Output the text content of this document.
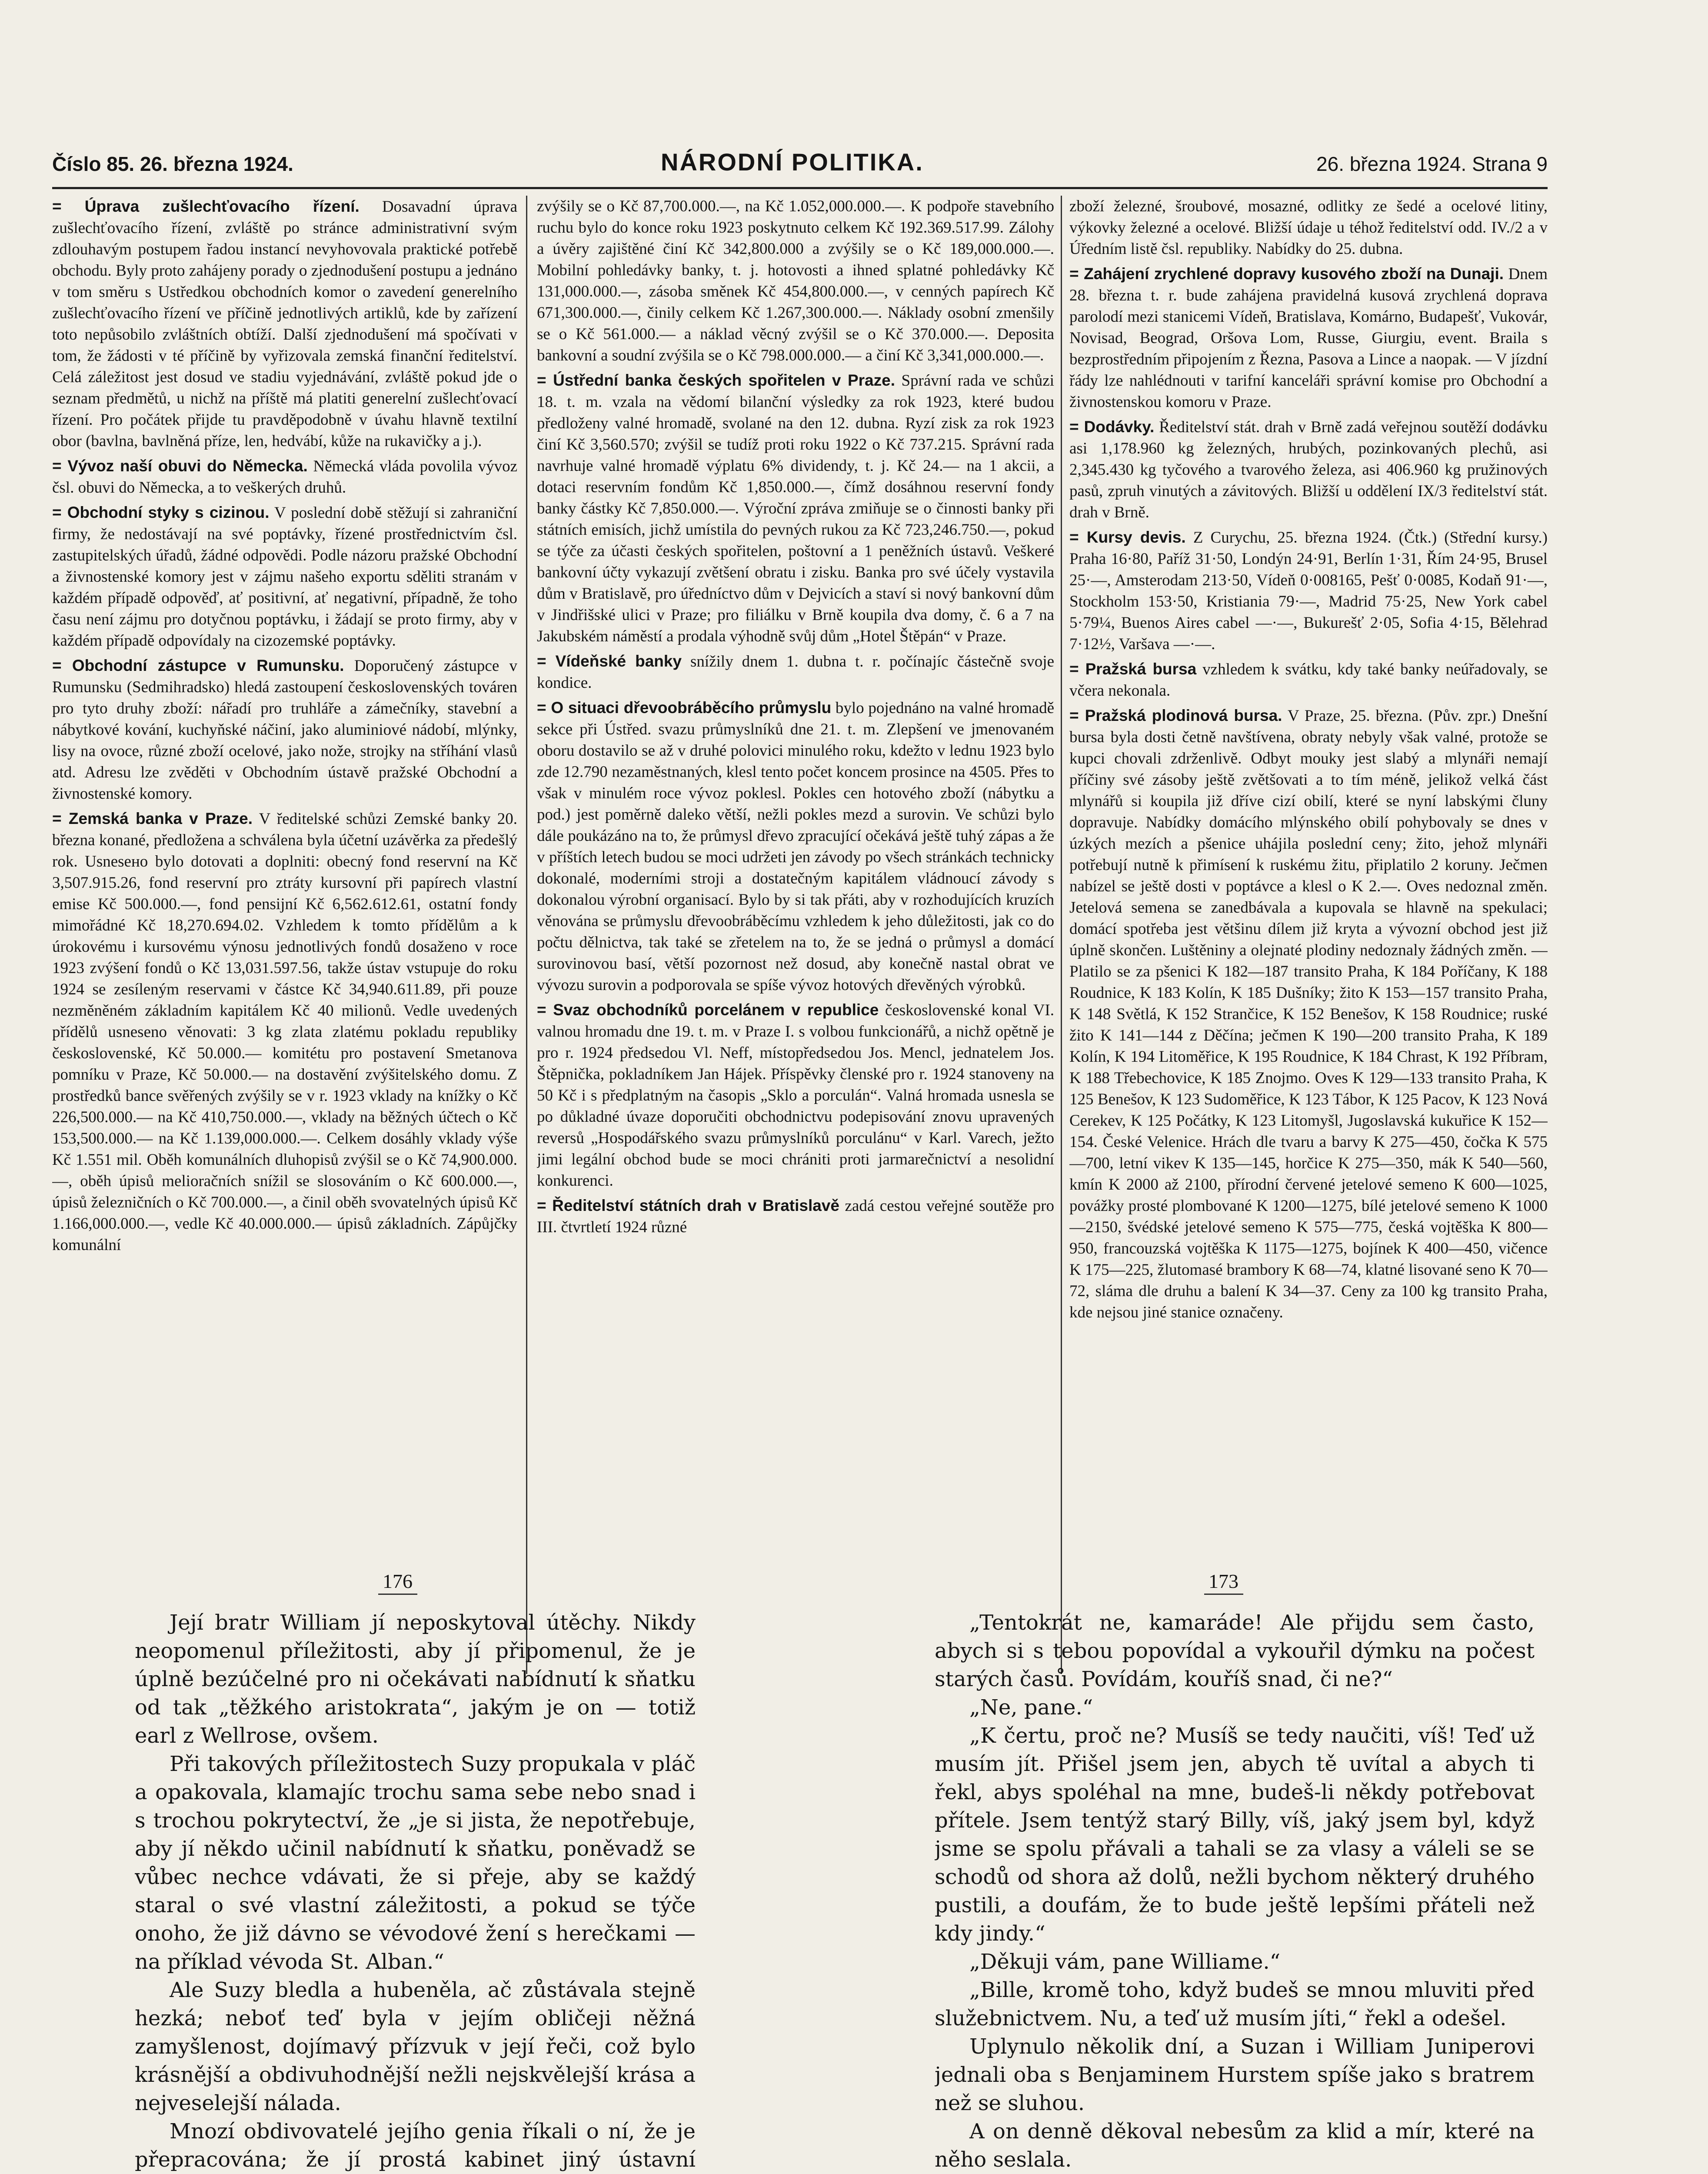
Číslo 85. 26. března 1924.	NÁRODNÍ POLITIKA.	26. března 1924. Strana 9

= Úprava zušlechťovacího řízení. Dosavadní úprava zušlechťovacího řízení, zvláště po stránce administrativní svým zdlouhavým postupem řadou instancí nevyhovovala praktické potřebě obchodu. Byly proto zahájeny porady o zjednodušení postupu a jednáno v tom směru s Ustředkou obchodních komor o zavedení generelního zušlechťovacího řízení ve příčině jednotlivých artiklů, kde by zařízení toto nepůsobilo zvláštních obtíží. Další zjednodušení má spočívati v tom, že žádosti v té příčině by vyřizovala zemská finanční ředitelství. Celá záležitost jest dosud ve stadiu vyjednávání, zvláště pokud jde o seznam předmětů, u nichž na příště má platiti generelní zušlechťovací řízení. Pro počátek přijde tu pravděpodobně v úvahu hlavně textilní obor (bavlna, bavlněná příze, len, hedvábí, kůže na rukavičky a j.).

= Vývoz naší obuvi do Německa. Německá vláda povolila vývoz čsl. obuvi do Německa, a to veškerých druhů.

= Obchodní styky s cizinou. V poslední době stěžují si zahraniční firmy, že nedostávají na své poptávky, řízené prostřednictvím čsl. zastupitelských úřadů, žádné odpovědi. Podle názoru pražské Obchodní a živnostenské komory jest v zájmu našeho exportu sděliti stranám v každém případě odpověď, ať positivní, ať negativní, případně, že toho času není zájmu pro dotyčnou poptávku, i žádají se proto firmy, aby v každém případě odpovídaly na cizozemské poptávky.

= Obchodní zástupce v Rumunsku. Doporučený zástupce v Rumunsku (Sedmihradsko) hledá zastoupení československých továren pro tyto druhy zboží: nářadí pro truhláře a zámečníky, stavební a nábytkové kování, kuchyňské náčiní, jako aluminiové nádobí, mlýnky, lisy na ovoce, různé zboží ocelové, jako nože, strojky na stříhání vlasů atd. Adresu lze zvěděti v Obchodním ústavě pražské Obchodní a živnostenské komory.

= Zemská banka v Praze. V ředitelské schůzi Zemské banky 20. března konané, předložena a schválena byla účetní uzávěrka za předešlý rok. Usnesено bylo dotovati a doplniti: obecný fond reservní na Kč 3,507.915.26, fond reservní pro ztráty kursovní při papírech vlastní emise Kč 500.000.—, fond pensijní Kč 6,562.612.61, ostatní fondy mimořádné Kč 18,270.694.02. Vzhledem k tomto přídělům a k úrokovému i kursovému výnosu jednotlivých fondů dosaženo v roce 1923 zvýšení fondů o Kč 13,031.597.56, takže ústav vstupuje do roku 1924 se zesíleným reservami v částce Kč 34,940.611.89, při pouze nezměněném základním kapitálem Kč 40 milionů. Vedle uvedených přídělů usneseno věnovati: 3 kg zlata zlatému pokladu republiky československé, Kč 50.000.— komitétu pro postavení Smetanova pomníku v Praze, Kč 50.000.— na dostavění zvýšitelského domu. Z prostředků bance svěřených zvýšily se v r. 1923 vklady na knížky o Kč 226,500.000.— na Kč 410,750.000.—, vklady na běžných účtech o Kč 153,500.000.— na Kč 1.139,000.000.—. Celkem dosáhly vklady výše Kč 1.551 mil. Oběh komunálních dluhopisů zvýšil se o Kč 74,900.000.—, oběh úpisů melioračních snížil se slosováním o Kč 600.000.—, úpisů železničních o Kč 700.000.—, a činil oběh svovatelných úpisů Kč 1.166,000.000.—, vedle Kč 40.000.000.— úpisů základních. Zápůjčky komunální

zvýšily se o Kč 87,700.000.—, na Kč 1.052,000.000.—. K podpoře stavebního ruchu bylo do konce roku 1923 poskytnuto celkem Kč 192.369.517.99. Zálohy a úvěry zajištěné činí Kč 342,800.000 a zvýšily se o Kč 189,000.000.—. Mobilní pohledávky banky, t. j. hotovosti a ihned splatné pohledávky Kč 131,000.000.—, zásoba směnek Kč 454,800.000.—, v cenných papírech Kč 671,300.000.—, činily celkem Kč 1.267,300.000.—. Náklady osobní zmenšily se o Kč 561.000.— a náklad věcný zvýšil se o Kč 370.000.—. Deposita bankovní a soudní zvýšila se o Kč 798.000.000.— a činí Kč 3,341,000.000.—.

= Ústřední banka českých spořitelen v Praze. Správní rada ve schůzi 18. t. m. vzala na vědomí bilanční výsledky za rok 1923, které budou předloženy valné hromadě, svolané na den 12. dubna. Ryzí zisk za rok 1923 činí Kč 3,560.570; zvýšil se tudíž proti roku 1922 o Kč 737.215. Správní rada navrhuje valné hromadě výplatu 6% dividendy, t. j. Kč 24.— na 1 akcii, a dotaci reservním fondům Kč 1,850.000.—, čímž dosáhnou reservní fondy banky částky Kč 7,850.000.—. Výroční zpráva zmiňuje se o činnosti banky při státních emisích, jichž umístila do pevných rukou za Kč 723,246.750.—, pokud se týče za účasti českých spořitelen, poštovní a 1 peněžních ústavů. Veškeré bankovní účty vykazují zvětšení obratu i zisku. Banka pro své účely vystavila dům v Bratislavě, pro úředníctvo dům v Dejvicích a staví si nový bankovní dům v Jindřišské ulici v Praze; pro filiálku v Brně koupila dva domy, č. 6 a 7 na Jakubském náměstí a prodala výhodně svůj dům „Hotel Štěpán“ v Praze.

= Vídeňské banky snížily dnem 1. dubna t. r. počínajíc částečně svoje kondice.

= O situaci dřevoobráběcího průmyslu bylo pojednáno na valné hromadě sekce při Ústřed. svazu průmyslníků dne 21. t. m. Zlepšení ve jmenovaném oboru dostavilo se až v druhé polovici minulého roku, kdežto v lednu 1923 bylo zde 12.790 nezaměstnaných, klesl tento počet koncem prosince na 4505. Přes to však v minulém roce vývoz poklesl. Pokles cen hotového zboží (nábytku a pod.) jest poměrně daleko větší, nežli pokles mezd a surovin. Ve schůzi bylo dále poukázáno na to, že průmysl dřevo zpracující očekává ještě tuhý zápas a že v příštích letech budou se moci udržeti jen závody po všech stránkách technicky dokonalé, moderními stroji a dostatečným kapitálem vládnoucí závody s dokonalou výrobní organisací. Bylo by si tak přáti, aby v rozhodujících kruzích věnována se průmyslu dřevoobráběcímu vzhledem k jeho důležitosti, jak co do počtu dělnictva, tak také se zřetelem na to, že se jedná o průmysl a domácí surovinovou basí, větší pozornost než dosud, aby konečně nastal obrat ve vývozu surovin a podporovala se spíše vývoz hotových dřevěných výrobků.

= Svaz obchodníků porcelánem v republice československé konal VI. valnou hromadu dne 19. t. m. v Praze I. s volbou funkcionářů, a nichž opětně je pro r. 1924 předsedou Vl. Neff, místopředsedou Jos. Mencl, jednatelem Jos. Štěpnička, pokladníkem Jan Hájek. Příspěvky členské pro r. 1924 stanoveny na 50 Kč i s předplatným na časopis „Sklo a porculán“. Valná hromada usnesla se po důkladné úvaze doporučiti obchodnictvu podepisování znovu upravených reversů „Hospodářského svazu průmyslníků porculánu“ v Karl. Varech, ježto jimi legální obchod bude se moci chrániti proti jarmarečnictví a nesolidní konkurenci.

= Ředitelství státních drah v Bratislavě zadá cestou veřejné soutěže pro III. čtvrtletí 1924 různé

zboží železné, šroubové, mosazné, odlitky ze šedé a ocelové litiny, výkovky železné a ocelové. Bližší údaje u téhož ředitelství odd. IV./2 a v Úředním listě čsl. republiky. Nabídky do 25. dubna.

= Zahájení zrychlené dopravy kusového zboží na Dunaji. Dnem 28. března t. r. bude zahájena pravidelná kusová zrychlená doprava parolodí mezi stanicemi Vídeň, Bratislava, Komárno, Budapešť, Vukovár, Novisad, Beograd, Oršova Lom, Russe, Giurgiu, event. Braila s bezprostředním připojením z Řezna, Pasova a Lince a naopak. — V jízdní řády lze nahlédnouti v tarifní kanceláři správní komise pro Obchodní a živnostenskou komoru v Praze.

= Dodávky. Ředitelství stát. drah v Brně zadá veřejnou soutěží dodávku asi 1,178.960 kg železných, hrubých, pozinkovaných plechů, asi 2,345.430 kg tyčového a tvarového železa, asi 406.960 kg pružinových pasů, zpruh vinutých a závitových. Bližší u oddělení IX/3 ředitelství stát. drah v Brně.

= Kursy devis. Z Curychu, 25. března 1924. (Čtk.) (Střední kursy.) Praha 16·80, Paříž 31·50, Londýn 24·91, Berlín 1·31, Řím 24·95, Brusel 25·—, Amsterodam 213·50, Vídeň 0·008165, Pešť 0·0085, Kodaň 91·—, Stockholm 153·50, Kristiania 79·—, Madrid 75·25, New York cabel 5·79¼, Buenos Aires cabel —·—, Bukurešť 2·05, Sofia 4·15, Bělehrad 7·12½, Varšava —·—.

= Pražská bursa vzhledem k svátku, kdy také banky neúřadovaly, se včera nekonala.

= Pražská plodinová bursa. V Praze, 25. března. (Pův. zpr.) Dnešní bursa byla dosti četně navštívena, obraty nebyly však valné, protože se kupci chovali zdrženlivě. Odbyt mouky jest slabý a mlynáři nemají příčiny své zásoby ještě zvětšovati a to tím méně, jelikož velká část mlynářů si koupila již dříve cizí obilí, které se nyní labskými čluny dopravuje. Nabídky domácího mlýnského obilí pohybovaly se dnes v úzkých mezích a pšenice uhájila poslední ceny; žito, jehož mlynáři potřebují nutně k přimísení k ruskému žitu, připlatilo 2 koruny. Ječmen nabízel se ještě dosti v poptávce a klesl o K 2.—. Oves nedoznal změn. Jetelová semena se zanedbávala a kupovala se hlavně na spekulaci; domácí spotřeba jest většinu dílem již kryta a vývozní obchod jest již úplně skončen. Luštěniny a olejnaté plodiny nedoznaly žádných změn. — Platilo se za pšenici K 182—187 transito Praha, K 184 Poříčany, K 188 Roudnice, K 183 Kolín, K 185 Dušníky; žito K 153—157 transito Praha, K 148 Světlá, K 152 Strančice, K 152 Benešov, K 158 Roudnice; ruské žito K 141—144 z Děčína; ječmen K 190—200 transito Praha, K 189 Kolín, K 194 Litoměřice, K 195 Roudnice, K 184 Chrast, K 192 Příbram, K 188 Třebechovice, K 185 Znojmo. Oves K 129—133 transito Praha, K 125 Benešov, K 123 Sudoměřice, K 123 Tábor, K 125 Pacov, K 123 Nová Cerekev, K 125 Počátky, K 123 Litomyšl, Jugoslavská kukuřice K 152—154. České Velenice. Hrách dle tvaru a barvy K 275—450, čočka K 575—700, letní vikev K 135—145, horčice K 275—350, mák K 540—560, kmín K 2000 až 2100, přírodní červené jetelové semeno K 600—1025, povážky prosté plombované K 1200—1275, bílé jetelové semeno K 1000—2150, švédské jetelové semeno K 575—775, česká vojtěška K 800—950, francouzská vojtěška K 1175—1275, bojínek K 400—450, vičence K 175—225, žlutomasé brambory K 68—74, klatné lisované seno K 70—72, sláma dle druhu a balení K 34—37. Ceny za 100 kg transito Praha, kde nejsou jiné stanice označeny.

176	173

Její bratr William jí neposkytoval útěchy. Nikdy neopomenul příležitosti, aby jí připomenul, že je úplně bezúčelné pro ni očekávati nabídnutí k sňatku od tak „těžkého aristokrata“, jakým je on — totiž earl z Wellrose, ovšem.

Při takových příležitostech Suzy propukala v pláč a opakovala, klamajíc trochu sama sebe nebo snad i s trochou pokrytectví, že „je si jista, že nepotřebuje, aby jí někdo učinil nabídnutí k sňatku, poněvadž se vůbec nechce vdávati, že si přeje, aby se každý staral o své vlastní záležitosti, a pokud se týče onoho, že již dávno se vévodové žení s herečkami — na příklad vévoda St. Alban.“

Ale Suzy bledla a hubeněla, ač zůstávala stejně hezká; neboť teď byla v jejím obličeji něžná zamyšlenost, dojímavý přízvuk v její řeči, což bylo krásnější a obdivuhodnější nežli nejskvělejší krása a nejveselejší nálada.

Mnozí obdivovatelé jejího genia říkali o ní, že je přepracována; že jí prostá kabinet jiný ústavní

„Tentokrát ne, kamaráde! Ale přijdu sem často, abych si s tebou popovídal a vykouřil dýmku na počest starých časů. Povídám, kouříš snad, či ne?“

„Ne, pane.“

„K čertu, proč ne? Musíš se tedy naučiti, víš! Teď už musím jít. Přišel jsem jen, abych tě uvítal a abych ti řekl, abys spoléhal na mne, budeš-li někdy potřebovat přítele. Jsem tentýž starý Billy, víš, jaký jsem byl, když jsme se spolu přávali a tahali se za vlasy a váleli se se schodů od shora až dolů, nežli bychom některý druhého pustili, a doufám, že to bude ještě lepšími přáteli než kdy jindy.“

„Děkuji vám, pane Williame.“

„Bille, kromě toho, když budeš se mnou mluviti před služebnictvem. Nu, a teď už musím jíti,“ řekl a odešel.

Uplynulo několik dní, a Suzan i William Juniperovi jednali oba s Benjaminem Hurstem spíše jako s bratrem než se sluhou.

A on denně děkoval nebesům za klid a mír, které na něho seslala.
